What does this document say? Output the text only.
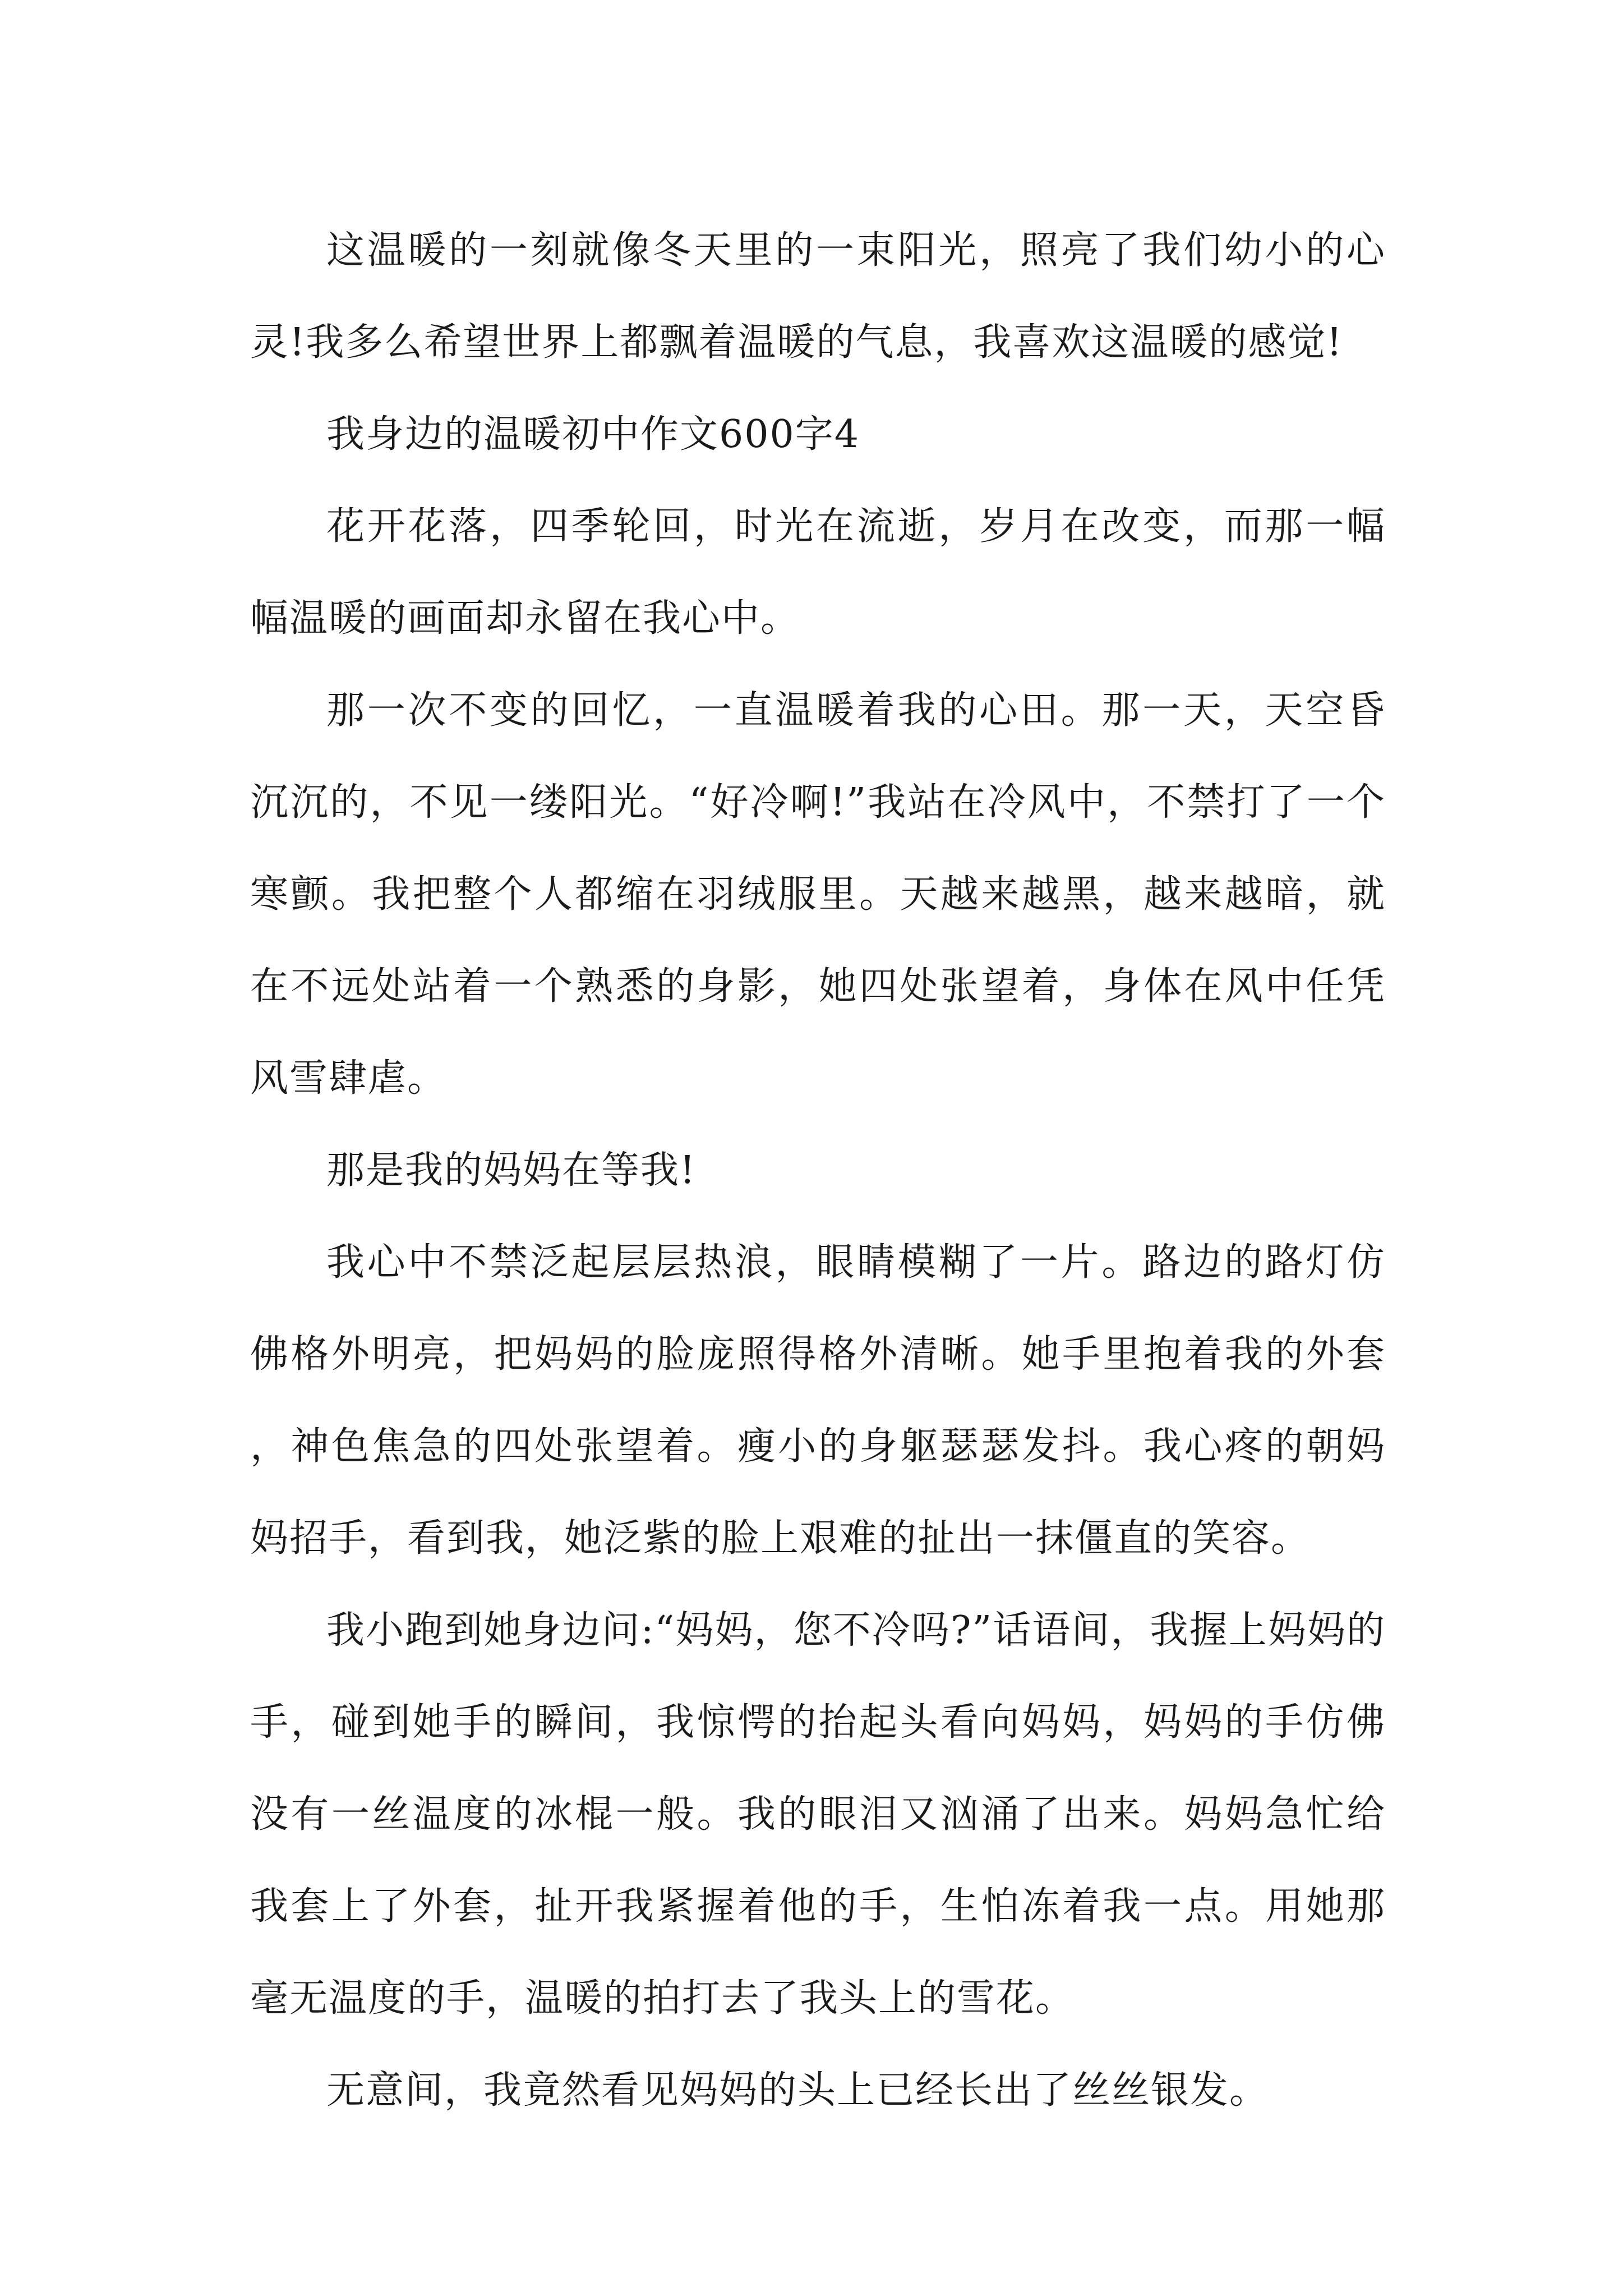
这温暖的一刻就像冬天里的一束阳光，照亮了我们幼小的心灵!我多么希望世界上都飘着温暖的气息，我喜欢这温暖的感觉!

我身边的温暖初中作文600字4

花开花落，四季轮回，时光在流逝，岁月在改变，而那一幅幅温暖的画面却永留在我心中。

那一次不变的回忆，一直温暖着我的心田。那一天，天空昏沉沉的，不见一缕阳光。“好冷啊!”我站在冷风中，不禁打了一个寒颤。我把整个人都缩在羽绒服里。天越来越黑，越来越暗，就在不远处站着一个熟悉的身影，她四处张望着，身体在风中任凭风雪肆虐。

那是我的妈妈在等我!

我心中不禁泛起层层热浪，眼睛模糊了一片。路边的路灯仿佛格外明亮，把妈妈的脸庞照得格外清晰。她手里抱着我的外套，神色焦急的四处张望着。瘦小的身躯瑟瑟发抖。我心疼的朝妈妈招手，看到我，她泛紫的脸上艰难的扯出一抹僵直的笑容。

我小跑到她身边问:“妈妈，您不冷吗?”话语间，我握上妈妈的手，碰到她手的瞬间，我惊愕的抬起头看向妈妈，妈妈的手仿佛没有一丝温度的冰棍一般。我的眼泪又汹涌了出来。妈妈急忙给我套上了外套，扯开我紧握着他的手，生怕冻着我一点。用她那毫无温度的手，温暖的拍打去了我头上的雪花。

无意间，我竟然看见妈妈的头上已经长出了丝丝银发。
